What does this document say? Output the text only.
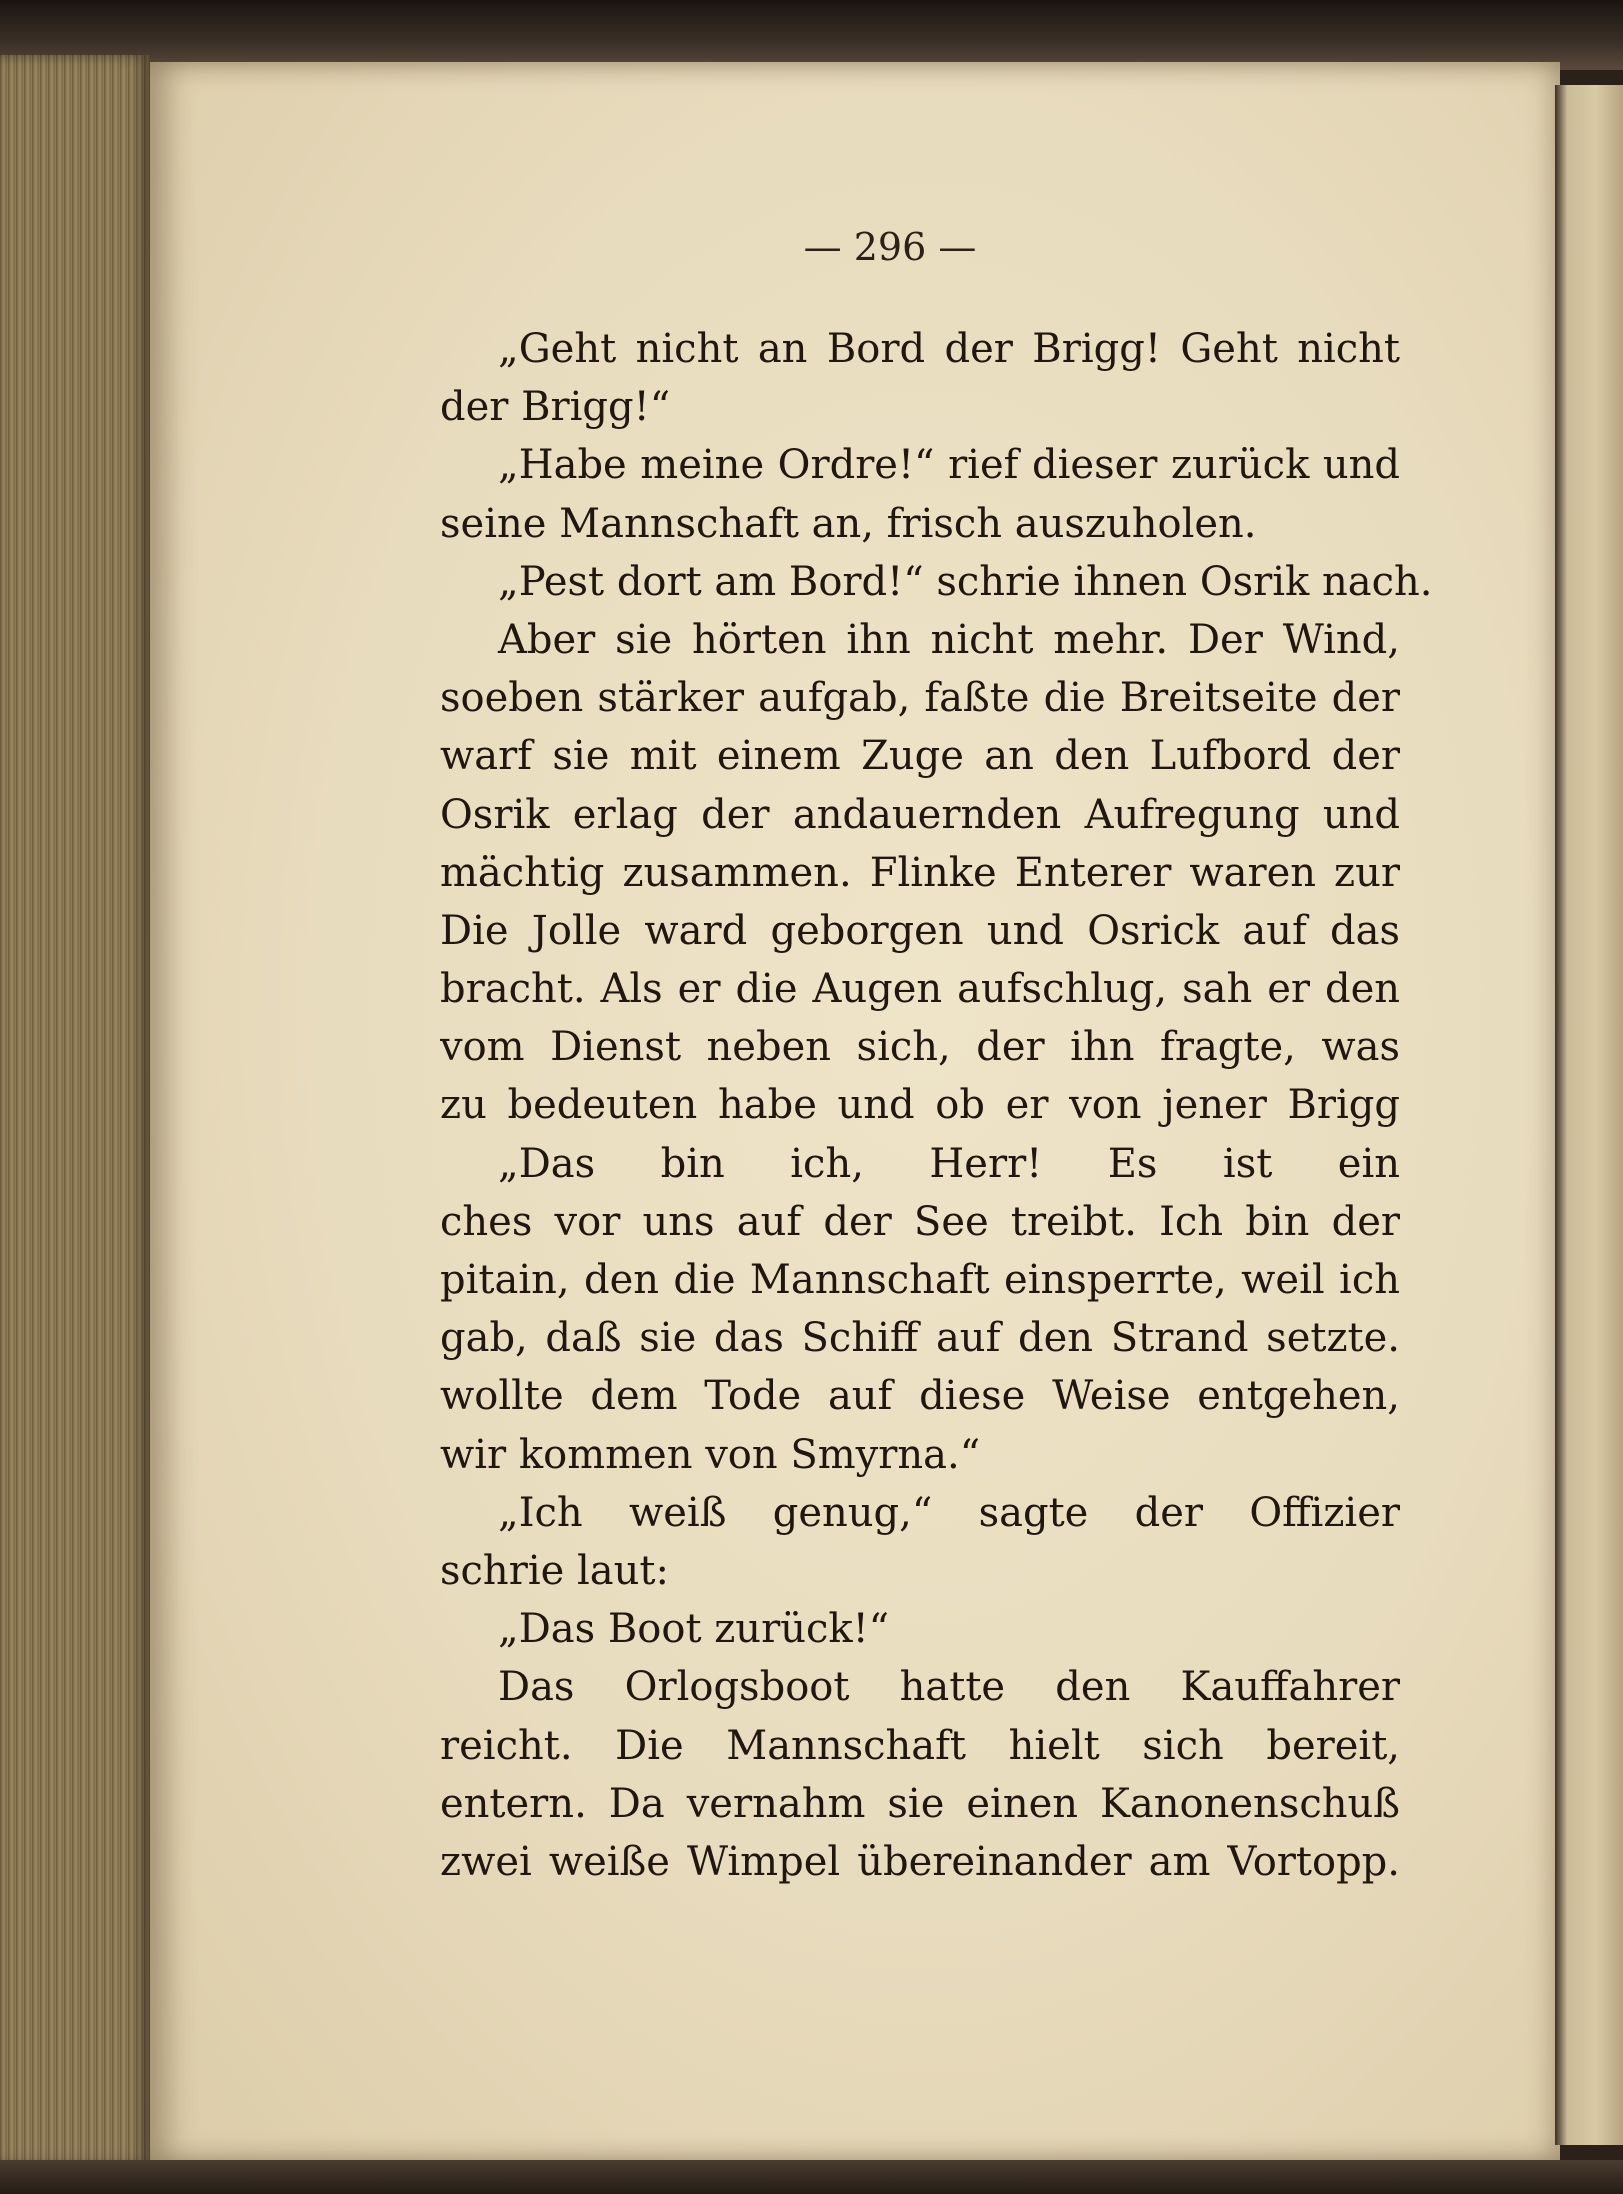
— 296 —

„Geht nicht an Bord der Brigg! Geht nicht
der Brigg!“
„Habe meine Ordre!“ rief dieser zurück und
seine Mannschaft an, frisch auszuholen.
„Pest dort am Bord!“ schrie ihnen Osrik nach.
Aber sie hörten ihn nicht mehr. Der Wind,
soeben stärker aufgab, faßte die Breitseite der
warf sie mit einem Zuge an den Lufbord der
Osrik erlag der andauernden Aufregung und
mächtig zusammen. Flinke Enterer waren zur
Die Jolle ward geborgen und Osrick auf das
bracht. Als er die Augen aufschlug, sah er den
vom Dienst neben sich, der ihn fragte, was
zu bedeuten habe und ob er von jener Brigg
„Das bin ich, Herr! Es ist ein
ches vor uns auf der See treibt. Ich bin der
pitain, den die Mannschaft einsperrte, weil ich
gab, daß sie das Schiff auf den Strand setzte.
wollte dem Tode auf diese Weise entgehen,
wir kommen von Smyrna.“
„Ich weiß genug,“ sagte der Offizier
schrie laut:
„Das Boot zurück!“
Das Orlogsboot hatte den Kauffahrer
reicht. Die Mannschaft hielt sich bereit,
entern. Da vernahm sie einen Kanonenschuß
zwei weiße Wimpel übereinander am Vortopp.
